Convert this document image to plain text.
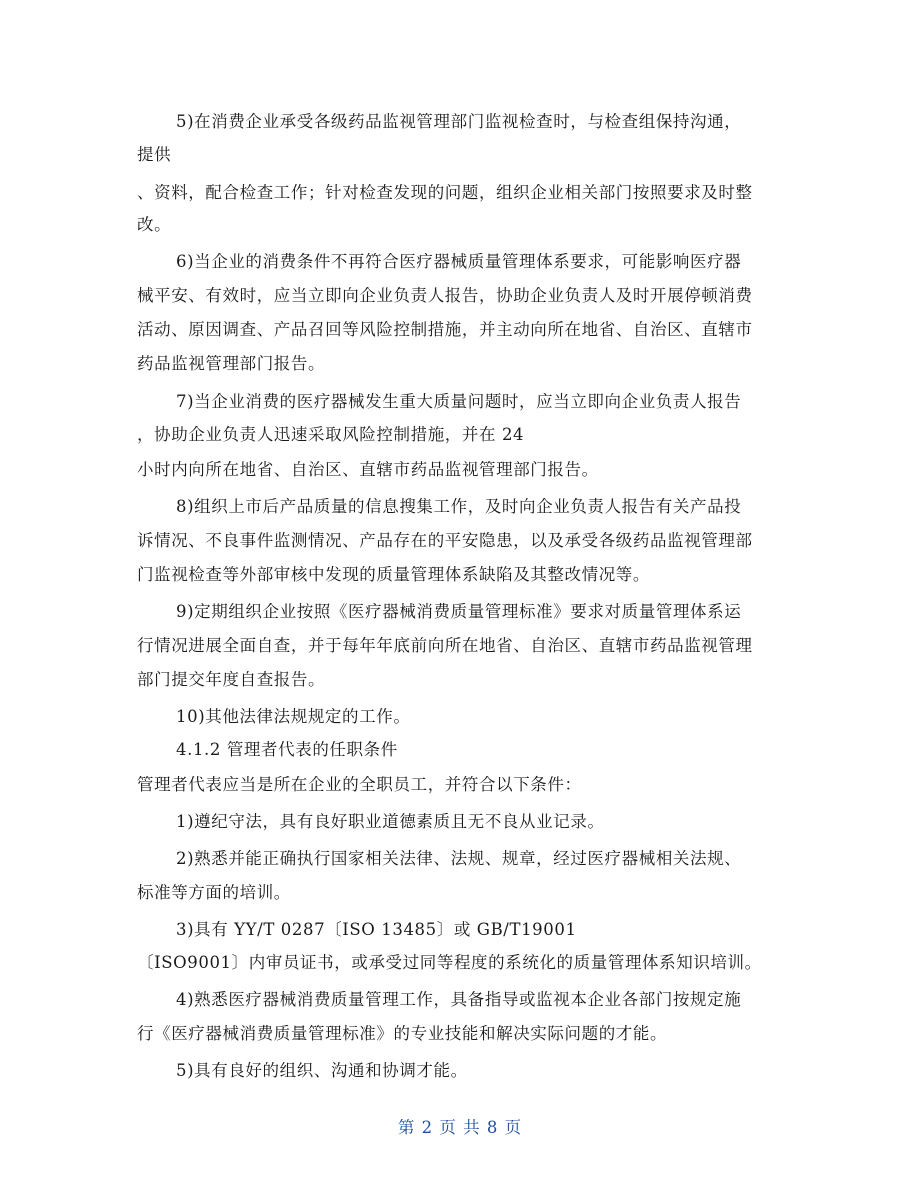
5)在消费企业承受各级药品监视管理部门监视检查时，与检查组保持沟通，
提供
、资料，配合检查工作；针对检查发现的问题，组织企业相关部门按照要求及时整
改。
6)当企业的消费条件不再符合医疗器械质量管理体系要求，可能影响医疗器
械平安、有效时，应当立即向企业负责人报告，协助企业负责人及时开展停顿消费
活动、原因调查、产品召回等风险控制措施，并主动向所在地省、自治区、直辖市
药品监视管理部门报告。
7)当企业消费的医疗器械发生重大质量问题时，应当立即向企业负责人报告
，协助企业负责人迅速采取风险控制措施，并在 24
小时内向所在地省、自治区、直辖市药品监视管理部门报告。
8)组织上市后产品质量的信息搜集工作，及时向企业负责人报告有关产品投
诉情况、不良事件监测情况、产品存在的平安隐患，以及承受各级药品监视管理部
门监视检查等外部审核中发现的质量管理体系缺陷及其整改情况等。
9)定期组织企业按照《医疗器械消费质量管理标准》要求对质量管理体系运
行情况进展全面自查，并于每年年底前向所在地省、自治区、直辖市药品监视管理
部门提交年度自查报告。
10)其他法律法规规定的工作。
4.1.2 管理者代表的任职条件
管理者代表应当是所在企业的全职员工，并符合以下条件：
1)遵纪守法，具有良好职业道德素质且无不良从业记录。
2)熟悉并能正确执行国家相关法律、法规、规章，经过医疗器械相关法规、
标准等方面的培训。
3)具有 YY/T 0287〔ISO 13485〕或 GB/T19001
〔ISO9001〕内审员证书，或承受过同等程度的系统化的质量管理体系知识培训。
4)熟悉医疗器械消费质量管理工作，具备指导或监视本企业各部门按规定施
行《医疗器械消费质量管理标准》的专业技能和解决实际问题的才能。
5)具有良好的组织、沟通和协调才能。
第 2 页 共 8 页
